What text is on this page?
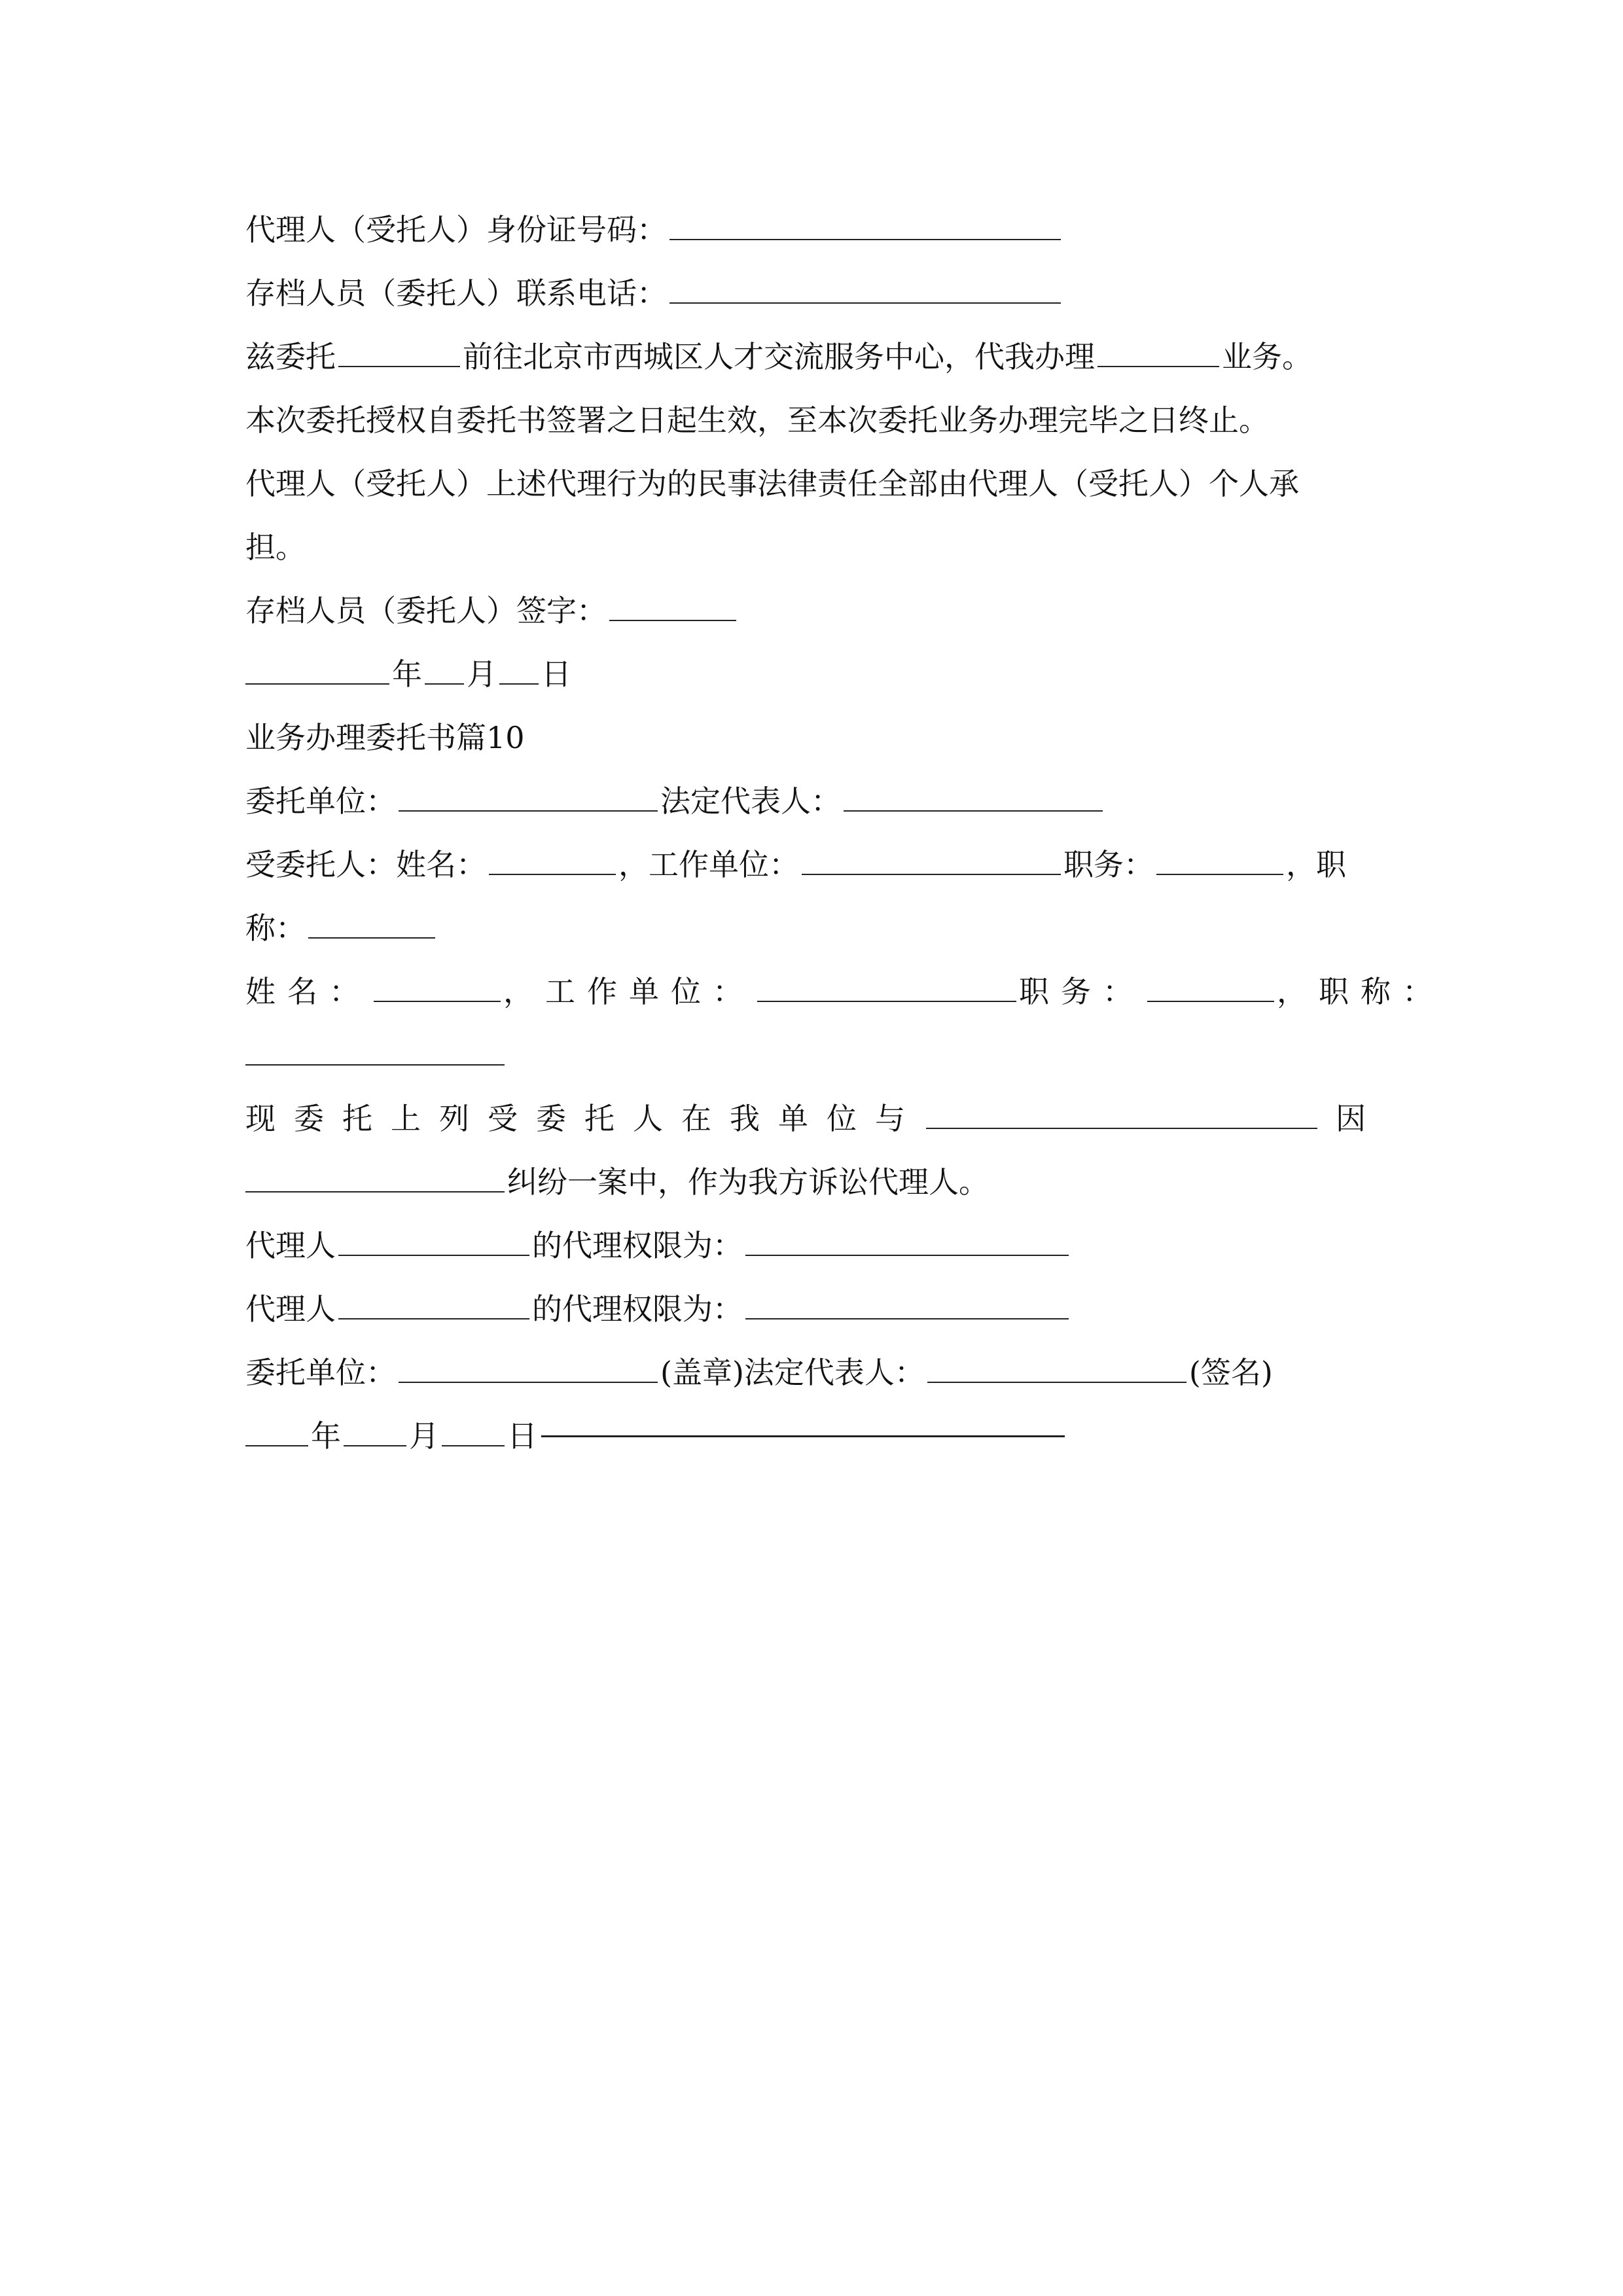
代理人（受托人）身份证号码：
存档人员（委托人）联系电话：
兹委托	前往北京市西城区人才交流服务中心，代我办理	业务。
本次委托授权自委托书签署之日起生效，至本次委托业务办理完毕之日终止。
代理人（受托人）上述代理行为的民事法律责任全部由代理人（受托人）个人承
担。
存档人员（委托人）签字：
年 月 日
业务办理委托书篇10
委托单位：	法定代表人：
受委托人：姓名：	，工作单位：	职务：	，职
称：
姓名：	，工作单位：	职务：	，职称：
现委托上列受委托人在我单位与	因
纠纷一案中，作为我方诉讼代理人。
代理人	的代理权限为：
代理人	的代理权限为：
委托单位：	(盖章)法定代表人：	(签名)
年 月 日
